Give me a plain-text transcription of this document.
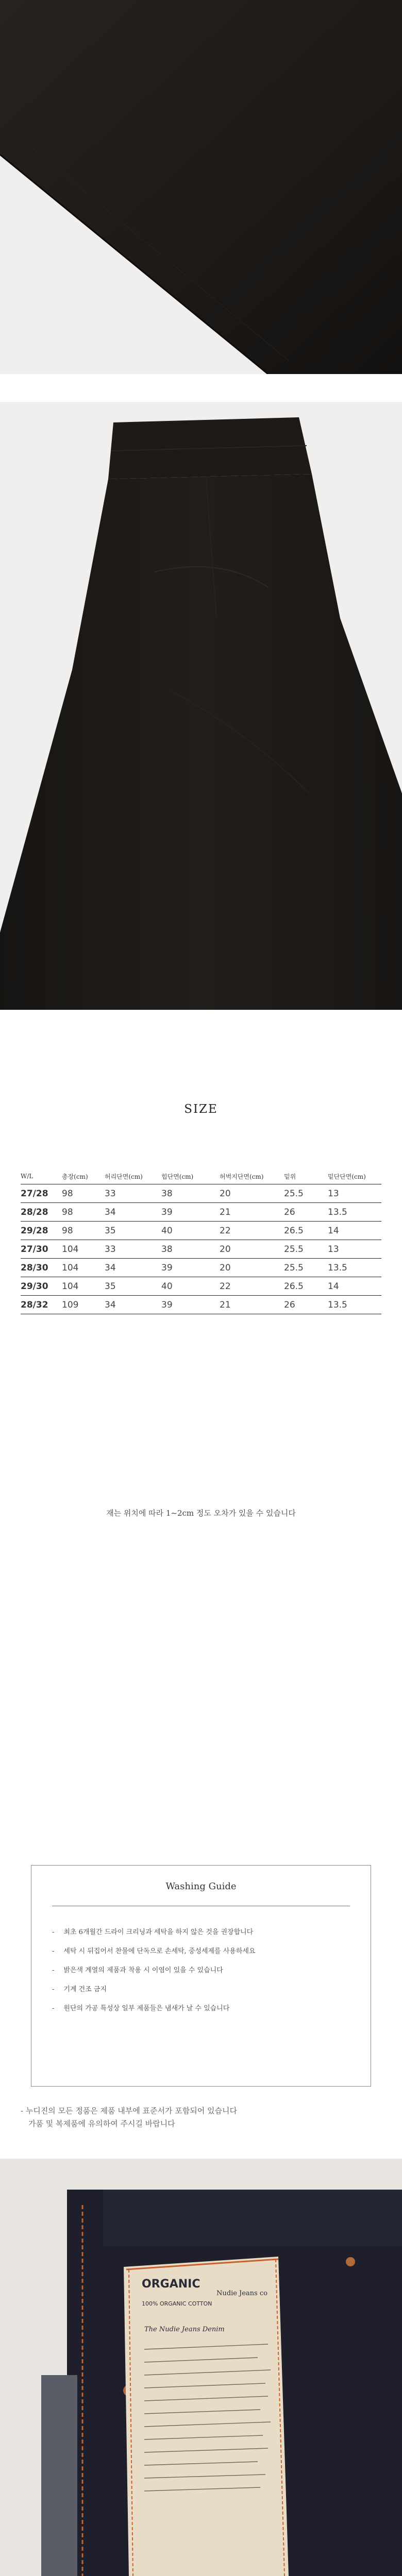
SIZE
W/L	총장(cm)	허리단면(cm)	힙단면(cm)	허벅지단면(cm)	밑위	밑단단면(cm)
27/28	98	33	38	20	25.5	13
28/28	98	34	39	21	26	13.5
29/28	98	35	40	22	26.5	14
27/30	104	33	38	20	25.5	13
28/30	104	34	39	20	25.5	13.5
29/30	104	35	40	22	26.5	14
28/32	109	34	39	21	26	13.5
재는 위치에 따라 1~2cm 정도 오차가 있을 수 있습니다
Washing Guide
- 최초 6개월간 드라이 크리닝과 세탁을 하지 않은 것을 권장합니다
- 세탁 시 뒤집어서 찬물에 단독으로 손세탁, 중성세제를 사용하세요
- 밝은색 계열의 제품과 착용 시 이염이 있을 수 있습니다
- 기계 건조 금지
- 원단의 가공 특성상 일부 제품들은 냄새가 날 수 있습니다
- 누디진의 모든 정품은 제품 내부에 표준서가 포함되어 있습니다
가품 및 복제품에 유의하여 주시길 바랍니다
ORGANIC
100% ORGANIC COTTON
Nudie Jeans co
The Nudie Jeans Denim
